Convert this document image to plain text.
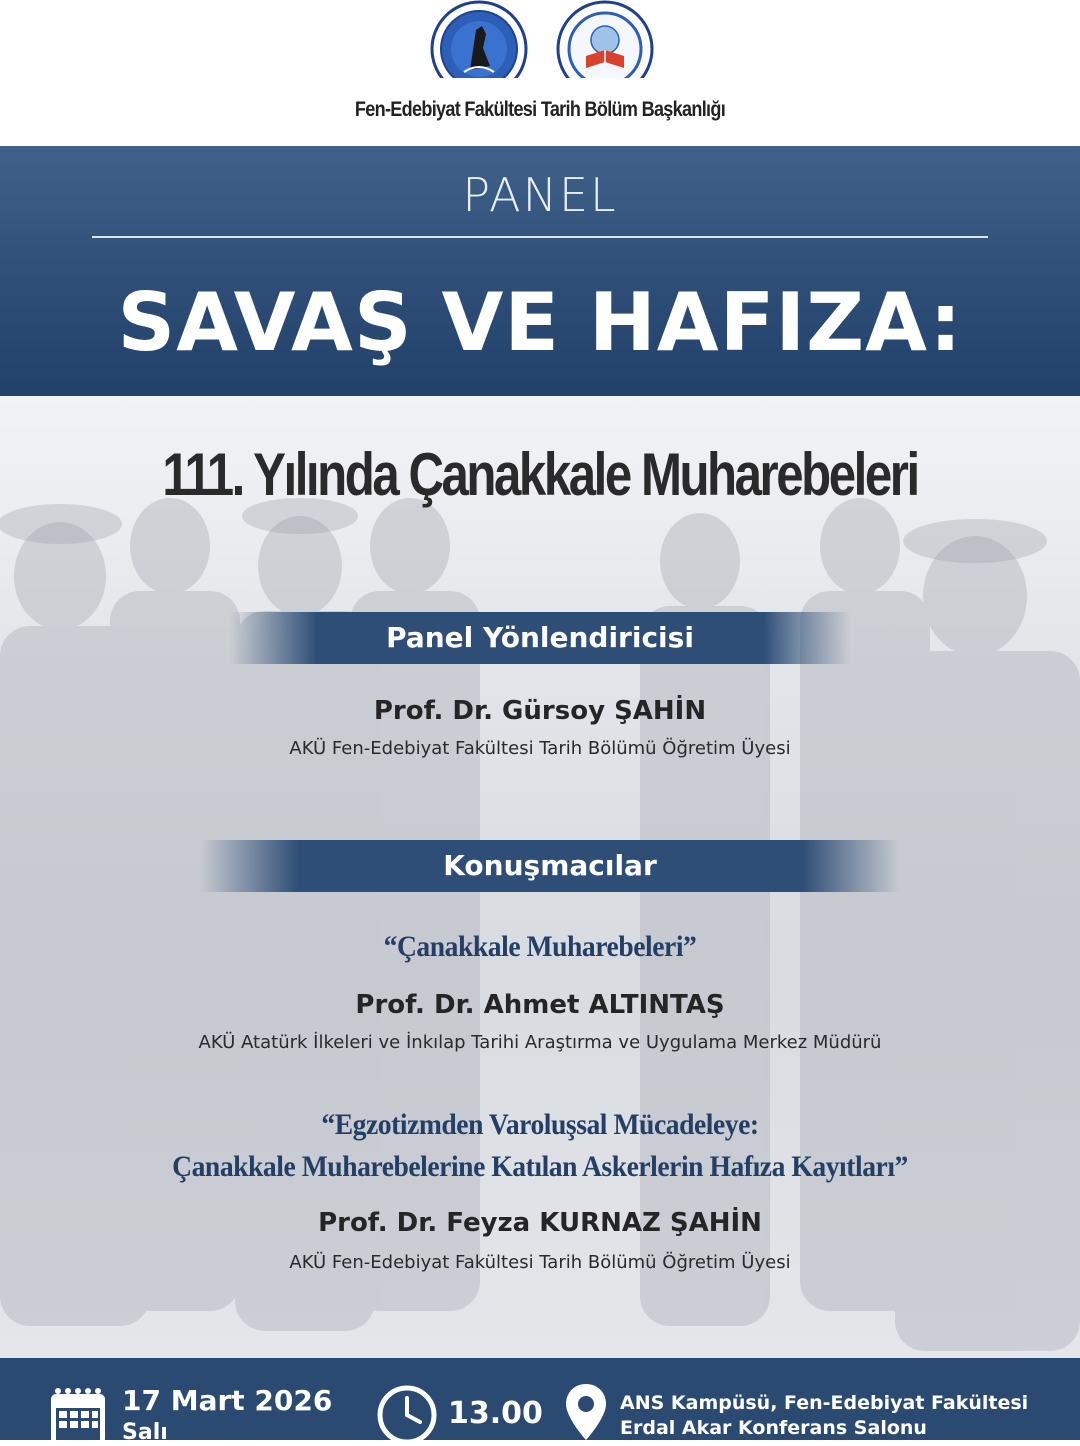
Fen-Edebiyat Fakültesi Tarih Bölüm Başkanlığı
PANEL
SAVAŞ VE HAFIZA:
111. Yılında Çanakkale Muharebeleri
Panel Yönlendiricisi
Prof. Dr. Gürsoy ŞAHİN
AKÜ Fen-Edebiyat Fakültesi Tarih Bölümü Öğretim Üyesi
Konuşmacılar
“Çanakkale Muharebeleri”
Prof. Dr. Ahmet ALTINTAŞ
AKÜ Atatürk İlkeleri ve İnkılap Tarihi Araştırma ve Uygulama Merkez Müdürü
“Egzotizmden Varoluşsal Mücadeleye:
Çanakkale Muharebelerine Katılan Askerlerin Hafıza Kayıtları”
Prof. Dr. Feyza KURNAZ ŞAHİN
AKÜ Fen-Edebiyat Fakültesi Tarih Bölümü Öğretim Üyesi
17 Mart 2026
Salı
13.00	ANS Kampüsü, Fen-Edebiyat Fakültesi
Erdal Akar Konferans Salonu
